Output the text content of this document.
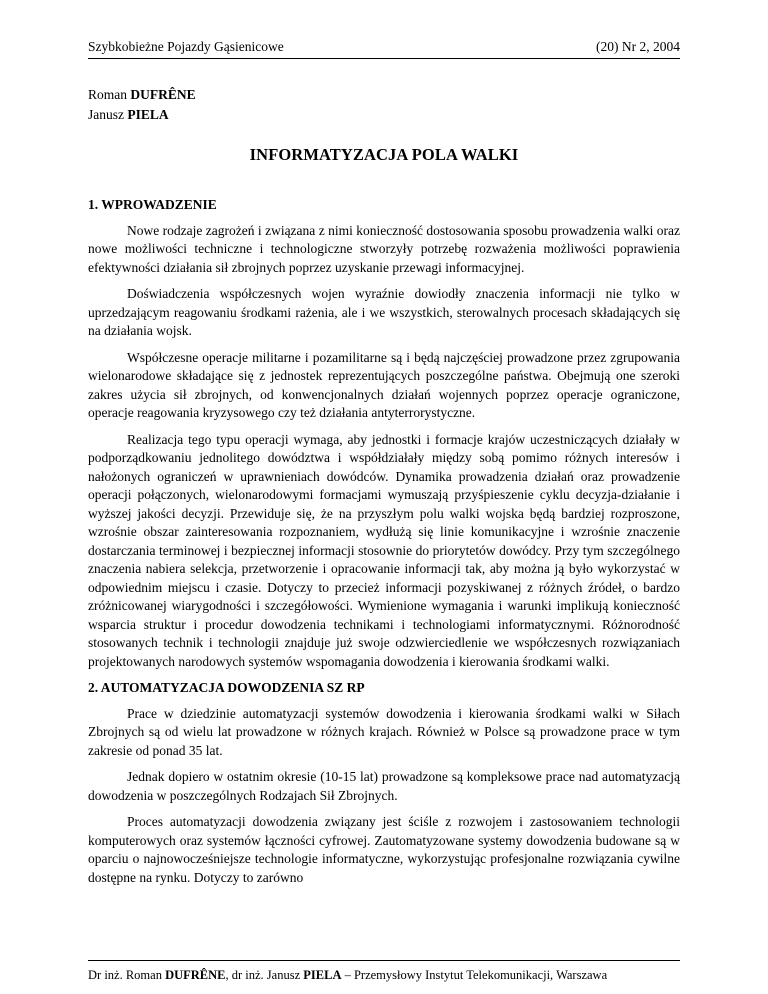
Szybkobieżne Pojazdy Gąsienicowe	(20) Nr 2, 2004
Roman DUFRÊNE
Janusz PIELA
INFORMATYZACJA POLA WALKI
1. WPROWADZENIE

Nowe rodzaje zagrożeń i związana z nimi konieczność dostosowania sposobu prowadzenia walki oraz nowe możliwości techniczne i technologiczne stworzyły potrzebę rozważenia możliwości poprawienia efektywności działania sił zbrojnych poprzez uzyskanie przewagi informacyjnej.

Doświadczenia współczesnych wojen wyraźnie dowiodły znaczenia informacji nie tylko w uprzedzającym reagowaniu środkami rażenia, ale i we wszystkich, sterowalnych procesach składających się na działania wojsk.

Współczesne operacje militarne i pozamilitarne są i będą najczęściej prowadzone przez zgrupowania wielonarodowe składające się z jednostek reprezentujących poszczególne państwa. Obejmują one szeroki zakres użycia sił zbrojnych, od konwencjonalnych działań wojennych poprzez operacje ograniczone, operacje reagowania kryzysowego czy też działania antyterrorystyczne.

Realizacja tego typu operacji wymaga, aby jednostki i formacje krajów uczestniczących działały w podporządkowaniu jednolitego dowództwa i współdziałały między sobą pomimo różnych interesów i nałożonych ograniczeń w uprawnieniach dowódców. Dynamika prowadzenia działań oraz prowadzenie operacji połączonych, wielonarodowymi formacjami wymuszają przyśpieszenie cyklu decyzja-działanie i wyższej jakości decyzji. Przewiduje się, że na przyszłym polu walki wojska będą bardziej rozproszone, wzrośnie obszar zainteresowania rozpoznaniem, wydłużą się linie komunikacyjne i wzrośnie znaczenie dostarczania terminowej i bezpiecznej informacji stosownie do priorytetów dowódcy. Przy tym szczególnego znaczenia nabiera selekcja, przetworzenie i opracowanie informacji tak, aby można ją było wykorzystać w odpowiednim miejscu i czasie. Dotyczy to przecież informacji pozyskiwanej z różnych źródeł, o bardzo zróżnicowanej wiarygodności i szczegółowości. Wymienione wymagania i warunki implikują konieczność wsparcia struktur i procedur dowodzenia technikami i technologiami informatycznymi. Różnorodność stosowanych technik i technologii znajduje już swoje odzwierciedlenie we współczesnych rozwiązaniach projektowanych narodowych systemów wspomagania dowodzenia i kierowania środkami walki.

2. AUTOMATYZACJA DOWODZENIA SZ RP

Prace w dziedzinie automatyzacji systemów dowodzenia i kierowania środkami walki w Siłach Zbrojnych są od wielu lat prowadzone w różnych krajach. Również w Polsce są prowadzone prace w tym zakresie od ponad 35 lat.

Jednak dopiero w ostatnim okresie (10-15 lat) prowadzone są kompleksowe prace nad automatyzacją dowodzenia w poszczególnych Rodzajach Sił Zbrojnych.

Proces automatyzacji dowodzenia związany jest ściśle z rozwojem i zastosowaniem technologii komputerowych oraz systemów łączności cyfrowej. Zautomatyzowane systemy dowodzenia budowane są w oparciu o najnowocześniejsze technologie informatyczne, wykorzystując profesjonalne rozwiązania cywilne dostępne na rynku. Dotyczy to zarówno

Dr inż. Roman DUFRÊNE, dr inż. Janusz PIELA – Przemysłowy Instytut Telekomunikacji, Warszawa
